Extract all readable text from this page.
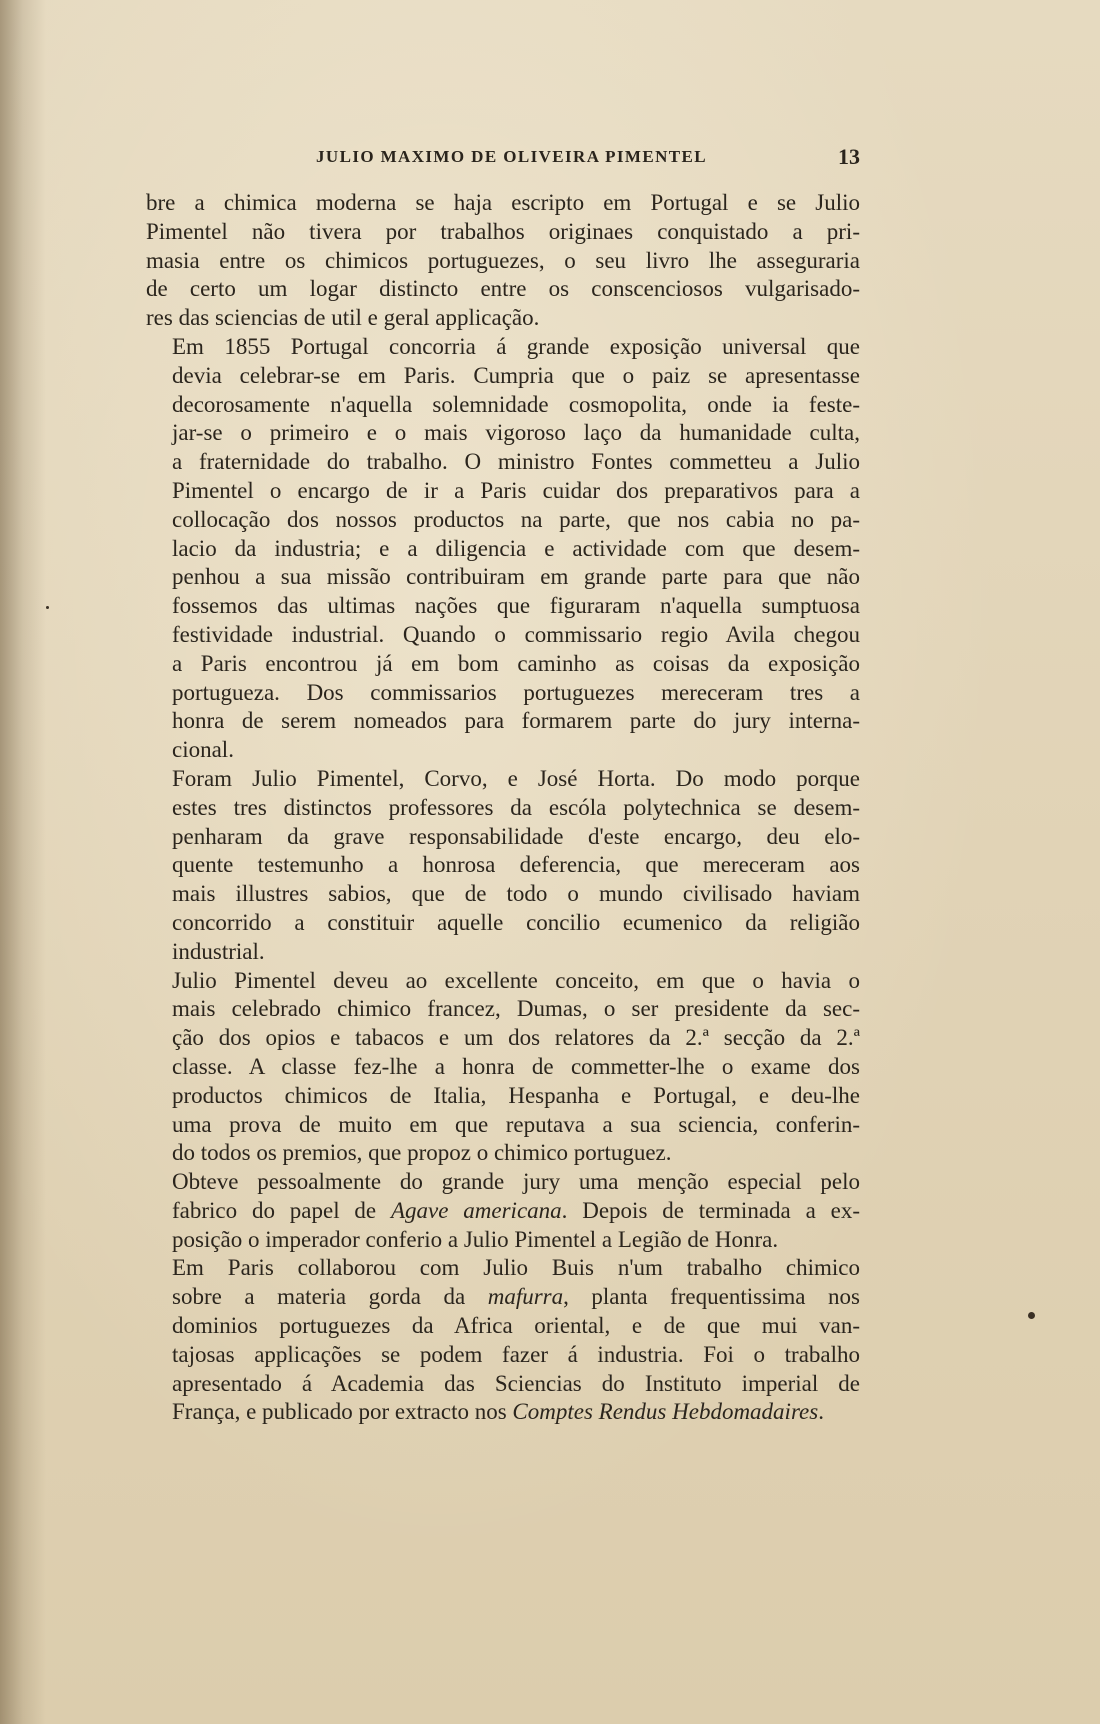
JULIO MAXIMO DE OLIVEIRA PIMENTEL	13

bre a chimica moderna se haja escripto em Portugal e se Julio
Pimentel não tivera por trabalhos originaes conquistado a pri-
masia entre os chimicos portuguezes, o seu livro lhe asseguraria
de certo um logar distincto entre os conscenciosos vulgarisado-
res das sciencias de util e geral applicação.

Em 1855 Portugal concorria á grande exposição universal que
devia celebrar-se em Paris. Cumpria que o paiz se apresentasse
decorosamente n'aquella solemnidade cosmopolita, onde ia feste-
jar-se o primeiro e o mais vigoroso laço da humanidade culta,
a fraternidade do trabalho. O ministro Fontes commetteu a Julio
Pimentel o encargo de ir a Paris cuidar dos preparativos para a
collocação dos nossos productos na parte, que nos cabia no pa-
lacio da industria; e a diligencia e actividade com que desem-
penhou a sua missão contribuiram em grande parte para que não
fossemos das ultimas nações que figuraram n'aquella sumptuosa
festividade industrial. Quando o commissario regio Avila chegou
a Paris encontrou já em bom caminho as coisas da exposição
portugueza. Dos commissarios portuguezes mereceram tres a
honra de serem nomeados para formarem parte do jury interna-
cional.

Foram Julio Pimentel, Corvo, e José Horta. Do modo porque
estes tres distinctos professores da escóla polytechnica se desem-
penharam da grave responsabilidade d'este encargo, deu elo-
quente testemunho a honrosa deferencia, que mereceram aos
mais illustres sabios, que de todo o mundo civilisado haviam
concorrido a constituir aquelle concilio ecumenico da religião
industrial.

Julio Pimentel deveu ao excellente conceito, em que o havia o
mais celebrado chimico francez, Dumas, o ser presidente da sec-
ção dos opios e tabacos e um dos relatores da 2.ª secção da 2.ª
classe. A classe fez-lhe a honra de commetter-lhe o exame dos
productos chimicos de Italia, Hespanha e Portugal, e deu-lhe
uma prova de muito em que reputava a sua sciencia, conferin-
do todos os premios, que propoz o chimico portuguez.

Obteve pessoalmente do grande jury uma menção especial pelo
fabrico do papel de Agave americana. Depois de terminada a ex-
posição o imperador conferio a Julio Pimentel a Legião de Honra.

Em Paris collaborou com Julio Buis n'um trabalho chimico
sobre a materia gorda da mafurra, planta frequentissima nos
dominios portuguezes da Africa oriental, e de que mui van-
tajosas applicações se podem fazer á industria. Foi o trabalho
apresentado á Academia das Sciencias do Instituto imperial de
França, e publicado por extracto nos Comptes Rendus Hebdomadaires.
